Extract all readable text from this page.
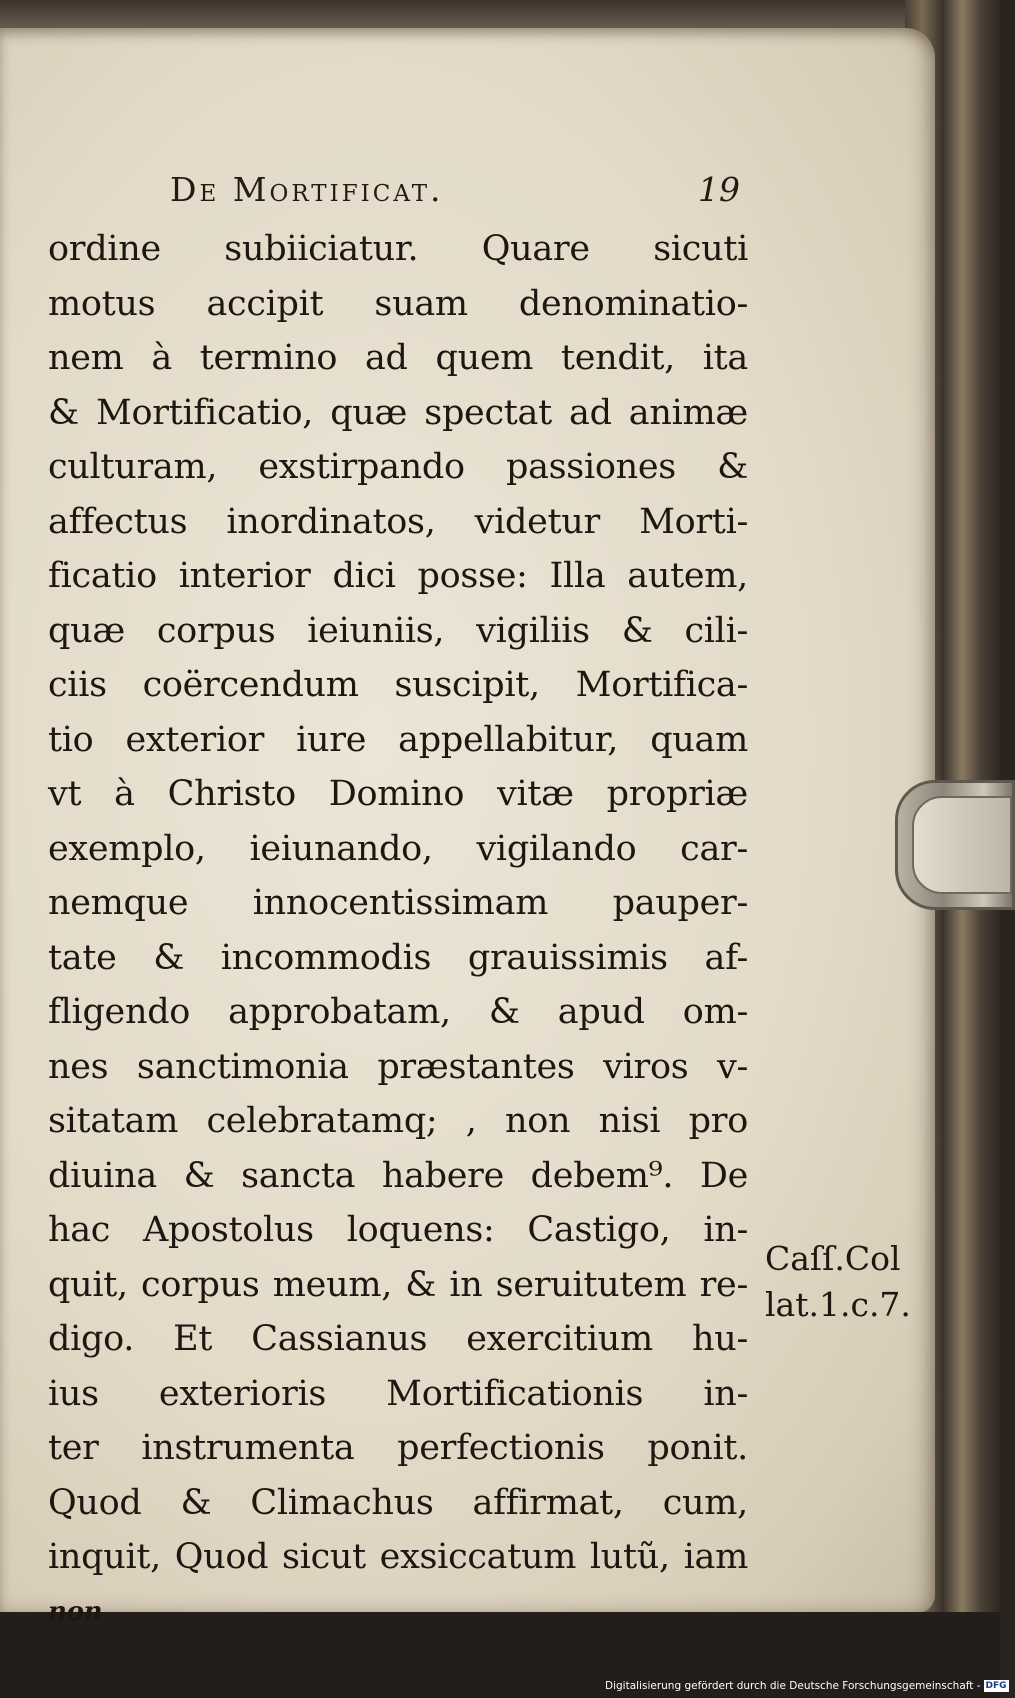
De Mortificat.	19
ordine subiiciatur. Quare sicuti
motus accipit suam denominatio-
nem à termino ad quem tendit, ita
& Mortificatio, quæ spectat ad animæ
culturam, exstirpando passiones &
affectus inordinatos, videtur Morti-
ficatio interior dici posse: Illa autem,
quæ corpus ieiuniis, vigiliis & cili-
ciis coërcendum suscipit, Mortifica-
tio exterior iure appellabitur, quam
vt à Christo Domino vitæ propriæ
exemplo, ieiunando, vigilando car-
nemque innocentissimam pauper-
tate & incommodis grauissimis af-
fligendo approbatam, & apud om-
nes sanctimonia præstantes viros v-
sitatam celebratamq; , non nisi pro
diuina & sancta habere debem⁹. De
hac Apostolus loquens: Castigo, in-
quit, corpus meum, & in seruitutem re-
digo. Et Cassianus exercitium hu-
ius exterioris Mortificationis in-
ter instrumenta perfectionis ponit.
Quod & Climachus affirmat, cum,
inquit, Quod sicut exsiccatum lutũ, iam
non
Caſſ.Col
lat.1.c.7.
Digitalisierung gefördert durch die Deutsche Forschungsgemeinschaft - DFG
